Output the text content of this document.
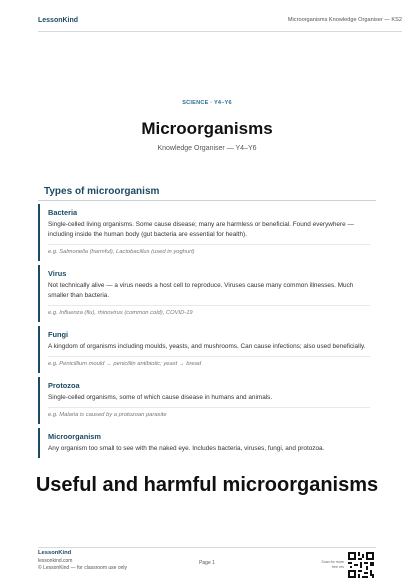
LessonKind	Microorganisms Knowledge Organiser — KS2
SCIENCE · Y4–Y6
Microorganisms
Knowledge Organiser — Y4–Y6
Types of microorganism
Bacteria
Single-celled living organisms. Some cause disease; many are harmless or beneficial. Found everywhere — including inside the human body (gut bacteria are essential for health).
e.g. Salmonella (harmful), Lactobacillus (used in yoghurt)
Virus
Not technically alive — a virus needs a host cell to reproduce. Viruses cause many common illnesses. Much smaller than bacteria.
e.g. Influenza (flu), rhinovirus (common cold), COVID-19
Fungi
A kingdom of organisms including moulds, yeasts, and mushrooms. Can cause infections; also used beneficially.
e.g. Penicillium mould → penicillin antibiotic; yeast → bread
Protozoa
Single-celled organisms, some of which cause disease in humans and animals.
e.g. Malaria is caused by a protozoan parasite
Microorganism
Any organism too small to see with the naked eye. Includes bacteria, viruses, fungi, and protozoa.
Useful and harmful microorganisms
LessonKind
lessonkind.com
© LessonKind — for classroom use only
Page 1	Scan for more free res
